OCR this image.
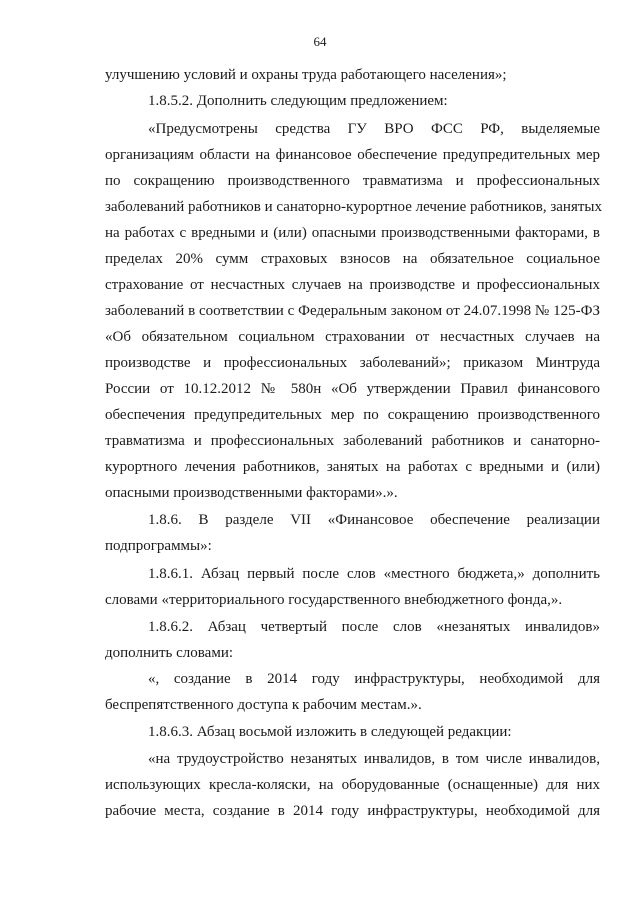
64
улучшению условий и охраны труда работающего населения»;
1.8.5.2. Дополнить следующим предложением:
«Предусмотрены средства ГУ ВРО ФСС РФ, выделяемые
организациям области на финансовое обеспечение предупредительных мер
по сокращению производственного травматизма и профессиональных
заболеваний работников и санаторно-курортное лечение работников, занятых
на работах с вредными и (или) опасными производственными факторами, в
пределах 20% сумм страховых взносов на обязательное социальное
страхование от несчастных случаев на производстве и профессиональных
заболеваний в соответствии с Федеральным законом от 24.07.1998 № 125-ФЗ
«Об обязательном социальном страховании от несчастных случаев на
производстве и профессиональных заболеваний»; приказом Минтруда
России от 10.12.2012 № 580н «Об утверждении Правил финансового
обеспечения предупредительных мер по сокращению производственного
травматизма и профессиональных заболеваний работников и санаторно-
курортного лечения работников, занятых на работах с вредными и (или)
опасными производственными факторами».».
1.8.6. В разделе VII «Финансовое обеспечение реализации
подпрограммы»:
1.8.6.1. Абзац первый после слов «местного бюджета,» дополнить
словами «территориального государственного внебюджетного фонда,».
1.8.6.2. Абзац четвертый после слов «незанятых инвалидов»
дополнить словами:
«, создание в 2014 году инфраструктуры, необходимой для
беспрепятственного доступа к рабочим местам.».
1.8.6.3. Абзац восьмой изложить в следующей редакции:
«на трудоустройство незанятых инвалидов, в том числе инвалидов,
использующих кресла-коляски, на оборудованные (оснащенные) для них
рабочие места, создание в 2014 году инфраструктуры, необходимой для
